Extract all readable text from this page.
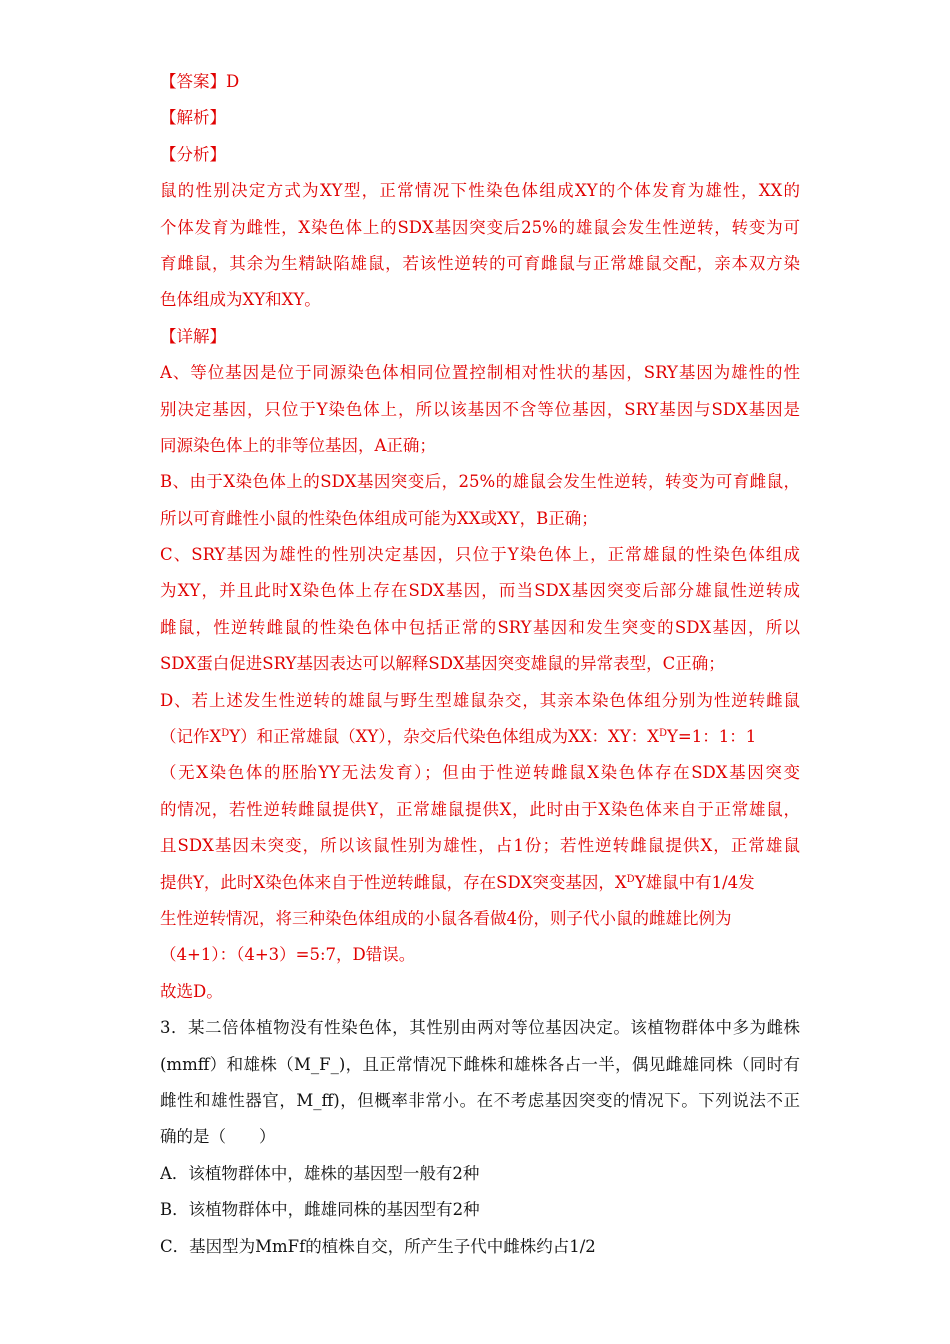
【答案】D
【解析】
【分析】
鼠的性别决定方式为XY型，正常情况下性染色体组成XY的个体发育为雄性，XX的
个体发育为雌性，X染色体上的SDX基因突变后25%的雄鼠会发生性逆转，转变为可
育雌鼠，其余为生精缺陷雄鼠，若该性逆转的可育雌鼠与正常雄鼠交配，亲本双方染
色体组成为XY和XY。
【详解】
A、等位基因是位于同源染色体相同位置控制相对性状的基因，SRY基因为雄性的性
别决定基因，只位于Y染色体上，所以该基因不含等位基因，SRY基因与SDX基因是
同源染色体上的非等位基因，A正确；
B、由于X染色体上的SDX基因突变后，25%的雄鼠会发生性逆转，转变为可育雌鼠，
所以可育雌性小鼠的性染色体组成可能为XX或XY，B正确；
C、SRY基因为雄性的性别决定基因，只位于Y染色体上，正常雄鼠的性染色体组成
为XY，并且此时X染色体上存在SDX基因，而当SDX基因突变后部分雄鼠性逆转成
雌鼠，性逆转雌鼠的性染色体中包括正常的SRY基因和发生突变的SDX基因，所以
SDX蛋白促进SRY基因表达可以解释SDX基因突变雄鼠的异常表型，C正确；
D、若上述发生性逆转的雄鼠与野生型雄鼠杂交，其亲本染色体组分别为性逆转雌鼠
（记作$X^DY$）和正常雄鼠（XY），杂交后代染色体组成为XX：XY：$X^DY=1$：1：1
（无X染色体的胚胎YY无法发育）；但由于性逆转雌鼠X染色体存在SDX基因突变
的情况，若性逆转雌鼠提供Y，正常雄鼠提供X，此时由于X染色体来自于正常雄鼠，
且SDX基因未突变，所以该鼠性别为雄性，占1份；若性逆转雌鼠提供X，正常雄鼠
提供Y，此时X染色体来自于性逆转雌鼠，存在SDX突变基因，$X^DY$雄鼠中有1/4发
生性逆转情况，将三种染色体组成的小鼠各看做4份，则子代小鼠的雌雄比例为
（4+1）：（4+3）=5:7，D错误。
故选D。
3．某二倍体植物没有性染色体，其性别由两对等位基因决定。该植物群体中多为雌株
(mmff）和雄株（M_F_)，且正常情况下雌株和雄株各占一半，偶见雌雄同株（同时有
雌性和雄性器官，M_ff)，但概率非常小。在不考虑基因突变的情况下。下列说法不正
确的是（　　）
A．该植物群体中，雄株的基因型一般有2种
B．该植物群体中，雌雄同株的基因型有2种
C．基因型为MmFf的植株自交，所产生子代中雌株约占1/2
